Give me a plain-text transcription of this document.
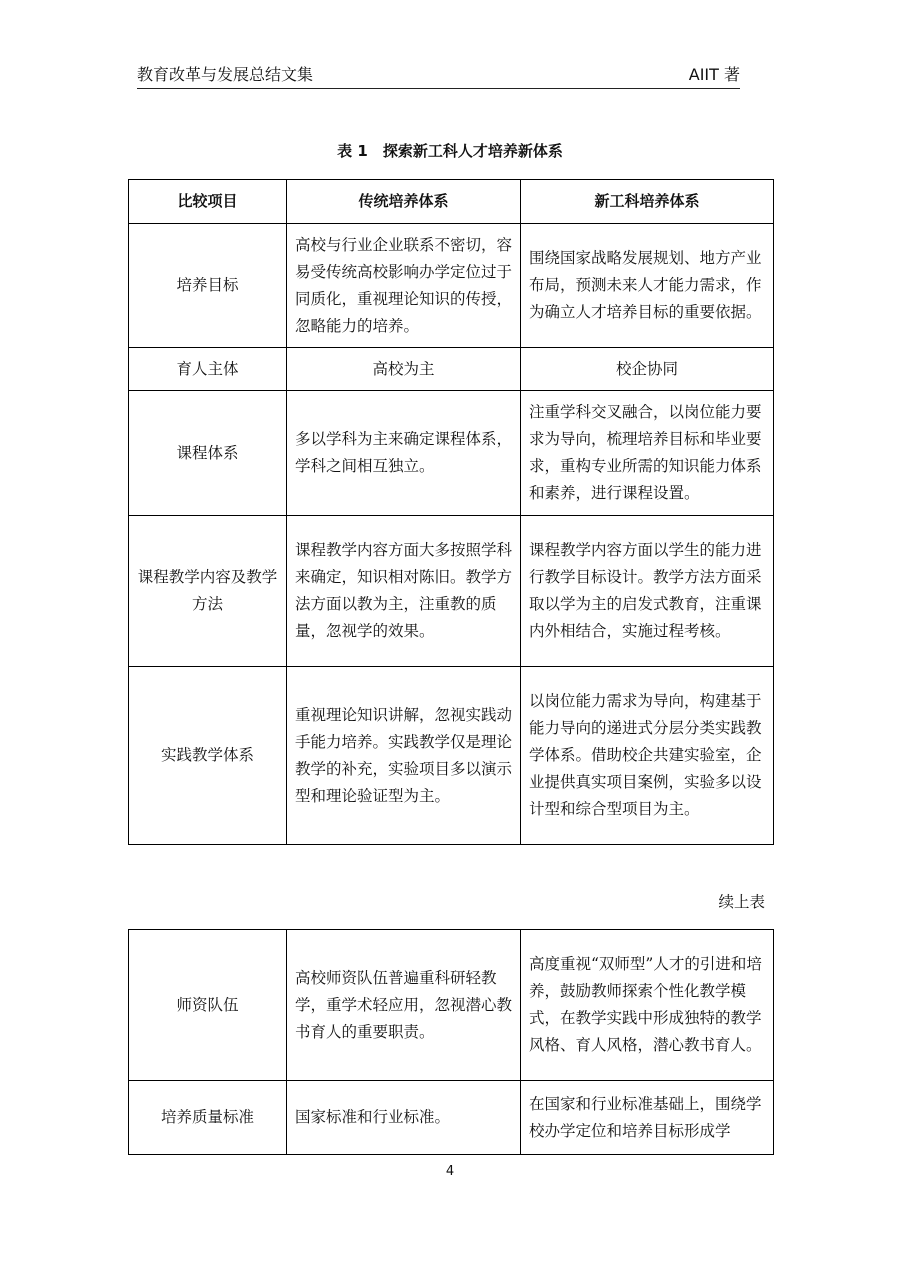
教育改革与发展总结文集	AIIT 著
表 1　探索新工科人才培养新体系
比较项目	传统培养体系	新工科培养体系
培养目标	高校与行业企业联系不密切，容易受传统高校影响办学定位过于同质化，重视理论知识的传授，忽略能力的培养。	围绕国家战略发展规划、地方产业布局，预测未来人才能力需求，作为确立人才培养目标的重要依据。
育人主体	高校为主	校企协同
课程体系	多以学科为主来确定课程体系，学科之间相互独立。	注重学科交叉融合，以岗位能力要求为导向，梳理培养目标和毕业要求，重构专业所需的知识能力体系和素养，进行课程设置。
课程教学内容及教学方法	课程教学内容方面大多按照学科来确定，知识相对陈旧。教学方法方面以教为主，注重教的质量，忽视学的效果。	课程教学内容方面以学生的能力进行教学目标设计。教学方法方面采取以学为主的启发式教育，注重课内外相结合，实施过程考核。
实践教学体系	重视理论知识讲解，忽视实践动手能力培养。实践教学仅是理论教学的补充，实验项目多以演示型和理论验证型为主。	以岗位能力需求为导向，构建基于能力导向的递进式分层分类实践教学体系。借助校企共建实验室，企业提供真实项目案例，实验多以设计型和综合型项目为主。
续上表
师资队伍	高校师资队伍普遍重科研轻教学，重学术轻应用，忽视潜心教书育人的重要职责。	高度重视“双师型”人才的引进和培养，鼓励教师探索个性化教学模式，在教学实践中形成独特的教学风格、育人风格，潜心教书育人。
培养质量标准	国家标准和行业标准。	在国家和行业标准基础上，围绕学校办学定位和培养目标形成学
4
